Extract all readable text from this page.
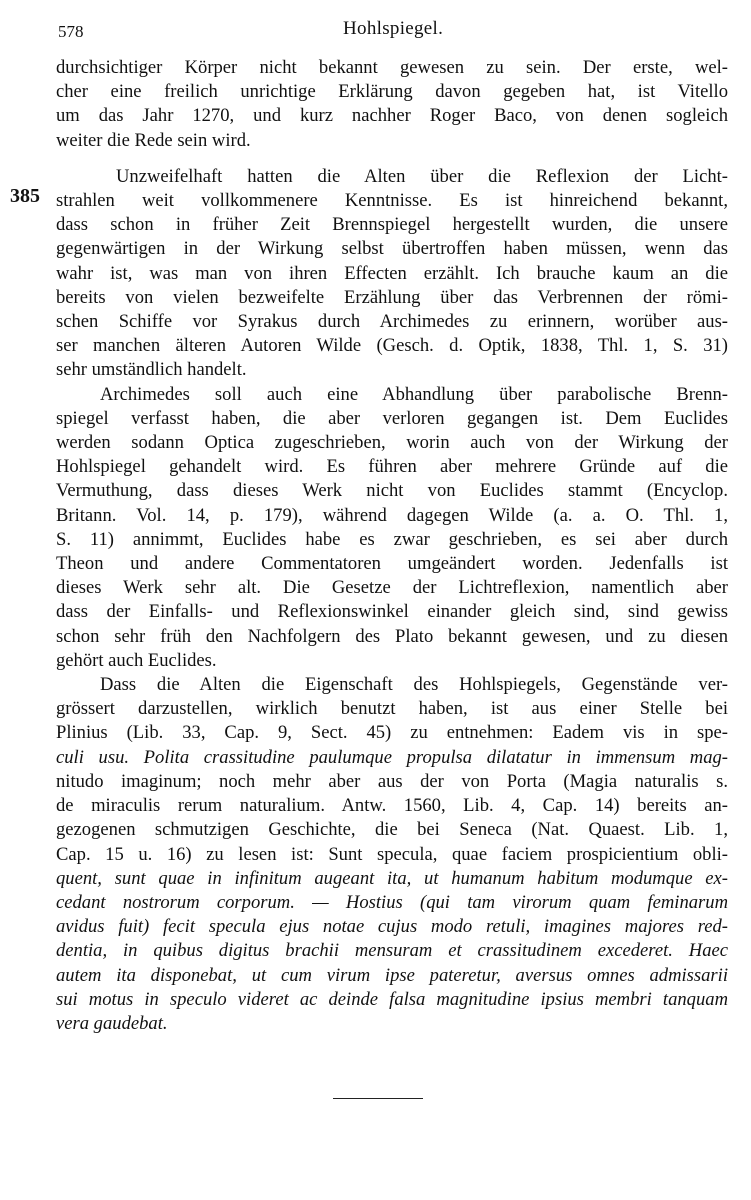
578	Hohlspiegel.
385
durchsichtiger Körper nicht bekannt gewesen zu sein. Der erste, wel-
cher eine freilich unrichtige Erklärung davon gegeben hat, ist Vitello
um das Jahr 1270, und kurz nachher Roger Baco, von denen sogleich
weiter die Rede sein wird.
Unzweifelhaft hatten die Alten über die Reflexion der Licht-
strahlen weit vollkommenere Kenntnisse. Es ist hinreichend bekannt,
dass schon in früher Zeit Brennspiegel hergestellt wurden, die unsere
gegenwärtigen in der Wirkung selbst übertroffen haben müssen, wenn das
wahr ist, was man von ihren Effecten erzählt. Ich brauche kaum an die
bereits von vielen bezweifelte Erzählung über das Verbrennen der römi-
schen Schiffe vor Syrakus durch Archimedes zu erinnern, worüber aus-
ser manchen älteren Autoren Wilde (Gesch. d. Optik, 1838, Thl. 1, S. 31)
sehr umständlich handelt.
Archimedes soll auch eine Abhandlung über parabolische Brenn-
spiegel verfasst haben, die aber verloren gegangen ist. Dem Euclides
werden sodann Optica zugeschrieben, worin auch von der Wirkung der
Hohlspiegel gehandelt wird. Es führen aber mehrere Gründe auf die
Vermuthung, dass dieses Werk nicht von Euclides stammt (Encyclop.
Britann. Vol. 14, p. 179), während dagegen Wilde (a. a. O. Thl. 1,
S. 11) annimmt, Euclides habe es zwar geschrieben, es sei aber durch
Theon und andere Commentatoren umgeändert worden. Jedenfalls ist
dieses Werk sehr alt. Die Gesetze der Lichtreflexion, namentlich aber
dass der Einfalls- und Reflexionswinkel einander gleich sind, sind gewiss
schon sehr früh den Nachfolgern des Plato bekannt gewesen, und zu diesen
gehört auch Euclides.
Dass die Alten die Eigenschaft des Hohlspiegels, Gegenstände ver-
grössert darzustellen, wirklich benutzt haben, ist aus einer Stelle bei
Plinius (Lib. 33, Cap. 9, Sect. 45) zu entnehmen: Eadem vis in spe-
culi usu. Polita crassitudine paulumque propulsa dilatatur in immensum mag-
nitudo imaginum; noch mehr aber aus der von Porta (Magia naturalis s.
de miraculis rerum naturalium. Antw. 1560, Lib. 4, Cap. 14) bereits an-
gezogenen schmutzigen Geschichte, die bei Seneca (Nat. Quaest. Lib. 1,
Cap. 15 u. 16) zu lesen ist: Sunt specula, quae faciem prospicientium obli-
quent, sunt quae in infinitum augeant ita, ut humanum habitum modumque ex-
cedant nostrorum corporum. — Hostius (qui tam virorum quam feminarum
avidus fuit) fecit specula ejus notae cujus modo retuli, imagines majores red-
dentia, in quibus digitus brachii mensuram et crassitudinem excederet. Haec
autem ita disponebat, ut cum virum ipse pateretur, aversus omnes admissarii
sui motus in speculo videret ac deinde falsa magnitudine ipsius membri tanquam
vera gaudebat.
